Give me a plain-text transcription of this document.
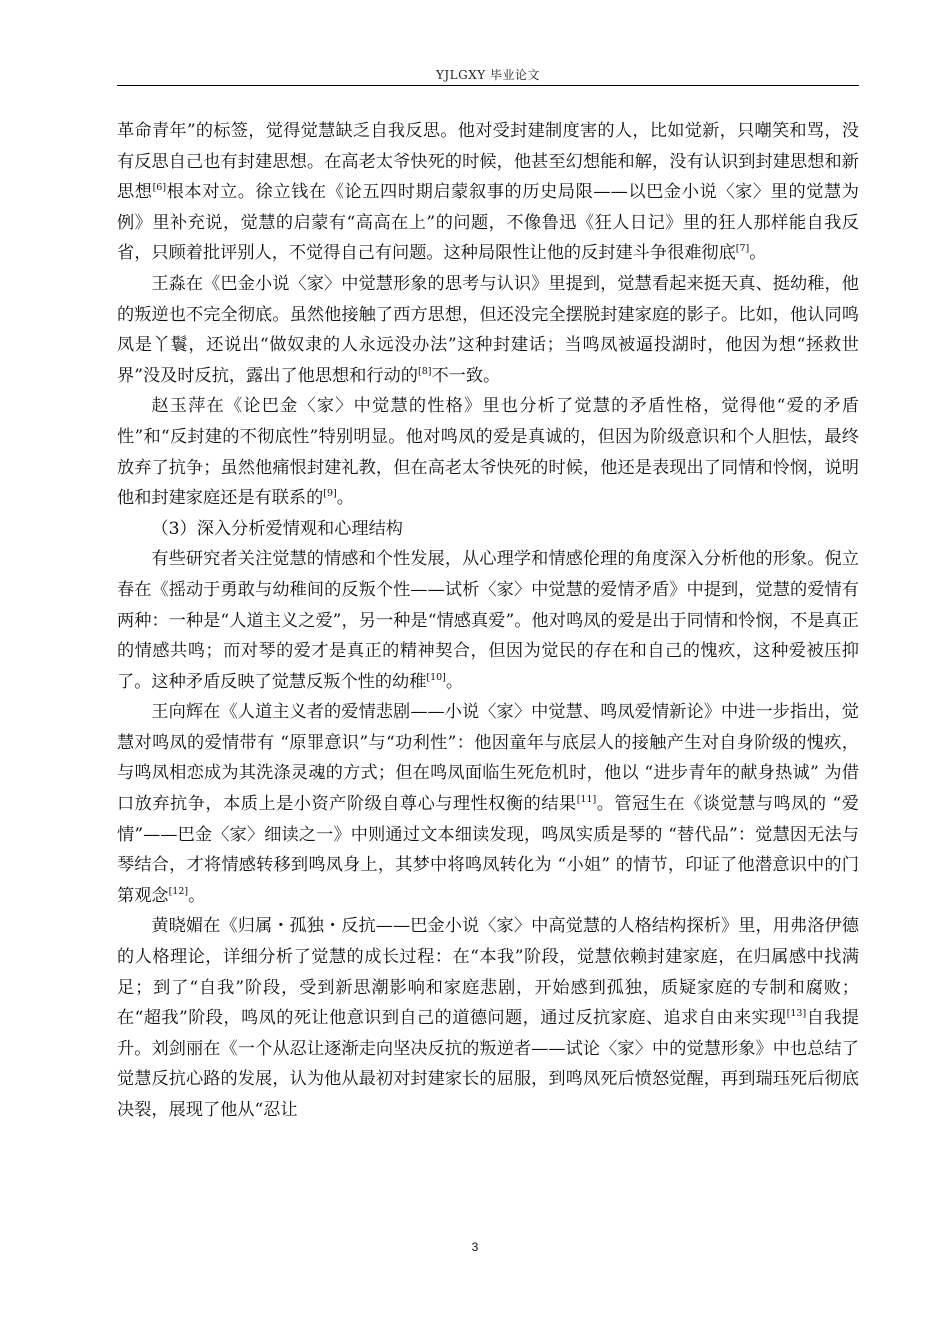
YJLGXY 毕业论文

革命青年”的标签，觉得觉慧缺乏自我反思。他对受封建制度害的人，比如觉新，只嘲笑和骂，没有反思自己也有封建思想。在高老太爷快死的时候，他甚至幻想能和解，没有认识到封建思想和新思想[6]根本对立。徐立钱在《论五四时期启蒙叙事的历史局限——以巴金小说〈家〉里的觉慧为例》里补充说，觉慧的启蒙有“高高在上”的问题，不像鲁迅《狂人日记》里的狂人那样能自我反省，只顾着批评别人，不觉得自己有问题。这种局限性让他的反封建斗争很难彻底[7]。

王淼在《巴金小说〈家〉中觉慧形象的思考与认识》里提到，觉慧看起来挺天真、挺幼稚，他的叛逆也不完全彻底。虽然他接触了西方思想，但还没完全摆脱封建家庭的影子。比如，他认同鸣凤是丫鬟，还说出“做奴隶的人永远没办法”这种封建话；当鸣凤被逼投湖时，他因为想“拯救世界”没及时反抗，露出了他思想和行动的[8]不一致。

赵玉萍在《论巴金〈家〉中觉慧的性格》里也分析了觉慧的矛盾性格，觉得他“爱的矛盾性”和“反封建的不彻底性”特别明显。他对鸣凤的爱是真诚的，但因为阶级意识和个人胆怯，最终放弃了抗争；虽然他痛恨封建礼教，但在高老太爷快死的时候，他还是表现出了同情和怜悯，说明他和封建家庭还是有联系的[9]。

（3）深入分析爱情观和心理结构

有些研究者关注觉慧的情感和个性发展，从心理学和情感伦理的角度深入分析他的形象。倪立春在《摇动于勇敢与幼稚间的反叛个性——试析〈家〉中觉慧的爱情矛盾》中提到，觉慧的爱情有两种：一种是“人道主义之爱”，另一种是“情感真爱”。他对鸣凤的爱是出于同情和怜悯，不是真正的情感共鸣；而对琴的爱才是真正的精神契合，但因为觉民的存在和自己的愧疚，这种爱被压抑了。这种矛盾反映了觉慧反叛个性的幼稚[10]。

王向辉在《人道主义者的爱情悲剧——小说〈家〉中觉慧、鸣凤爱情新论》中进一步指出，觉慧对鸣凤的爱情带有 “原罪意识”与“功利性”：他因童年与底层人的接触产生对自身阶级的愧疚，与鸣凤相恋成为其洗涤灵魂的方式；但在鸣凤面临生死危机时，他以 “进步青年的献身热诚” 为借口放弃抗争，本质上是小资产阶级自尊心与理性权衡的结果[11]。管冠生在《谈觉慧与鸣凤的 “爱情”——巴金〈家〉细读之一》中则通过文本细读发现，鸣凤实质是琴的 “替代品”：觉慧因无法与琴结合，才将情感转移到鸣凤身上，其梦中将鸣凤转化为 “小姐” 的情节，印证了他潜意识中的门第观念[12]。

黄晓媚在《归属・孤独・反抗——巴金小说〈家〉中高觉慧的人格结构探析》里，用弗洛伊德的人格理论，详细分析了觉慧的成长过程：在“本我”阶段，觉慧依赖封建家庭，在归属感中找满足；到了“自我”阶段，受到新思潮影响和家庭悲剧，开始感到孤独，质疑家庭的专制和腐败；在“超我”阶段，鸣凤的死让他意识到自己的道德问题，通过反抗家庭、追求自由来实现[13]自我提升。刘剑丽在《一个从忍让逐渐走向坚决反抗的叛逆者——试论〈家〉中的觉慧形象》中也总结了觉慧反抗心路的发展，认为他从最初对封建家长的屈服，到鸣凤死后愤怒觉醒，再到瑞珏死后彻底决裂，展现了他从“忍让

3
